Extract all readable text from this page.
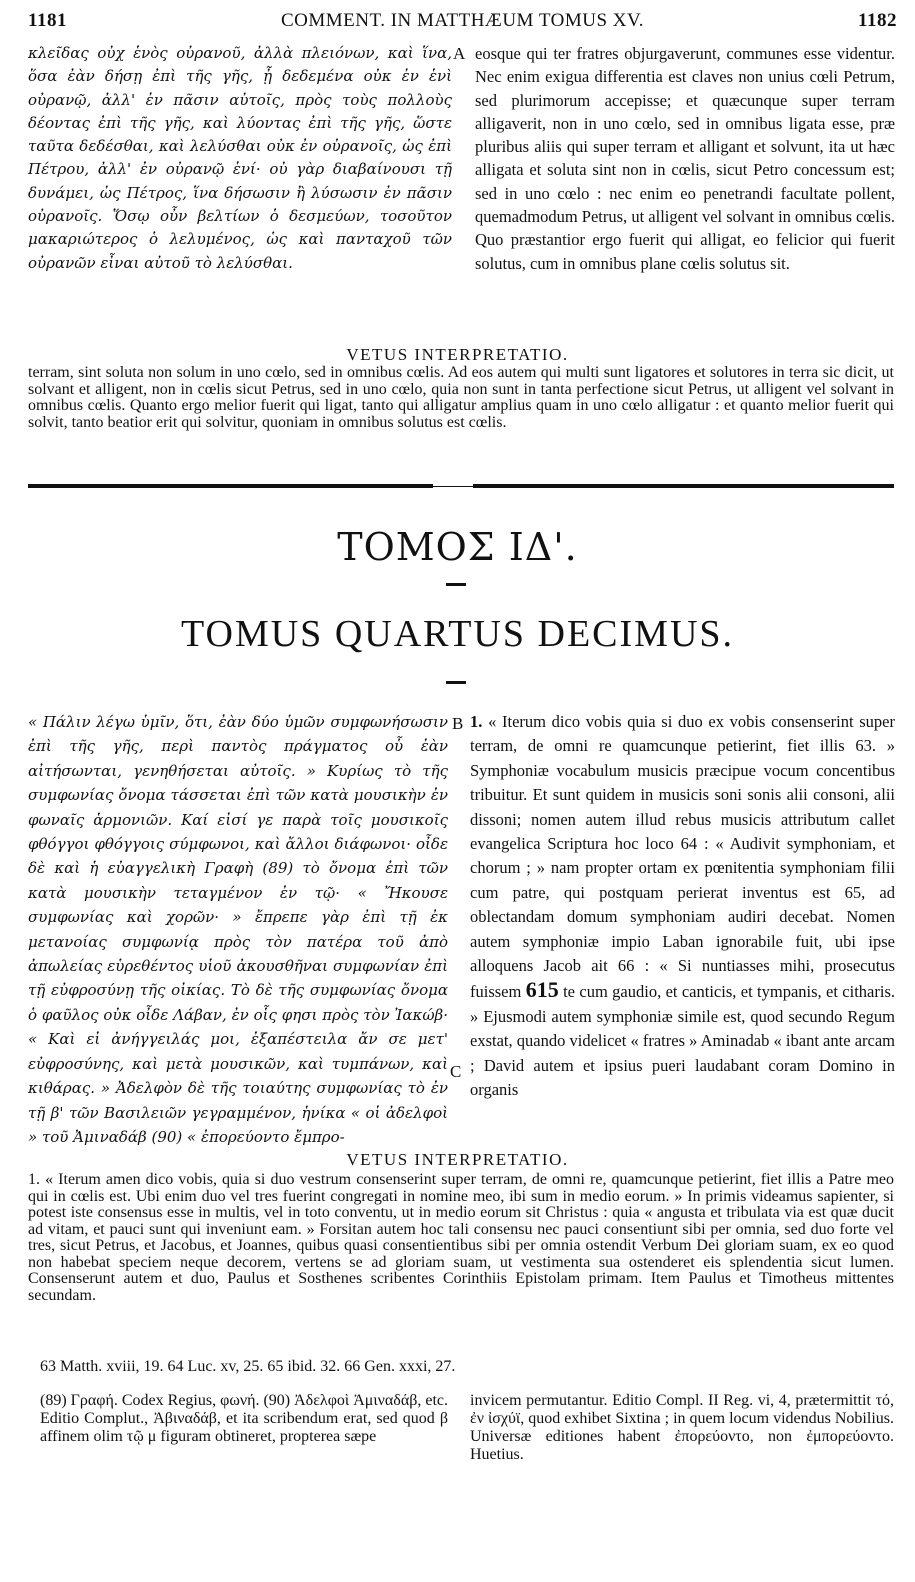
1181	COMMENT. IN MATTHÆUM TOMUS XV.	1182

κλεῖδας οὐχ ἑνὸς οὐρανοῦ, ἀλλὰ πλειόνων, καὶ ἵνα, ὅσα ἐὰν δήσῃ ἐπὶ τῆς γῆς, ᾖ δεδεμένα οὐκ ἐν ἑνὶ οὐρανῷ, ἀλλ' ἐν πᾶσιν αὐτοῖς, πρὸς τοὺς πολλοὺς δέοντας ἐπὶ τῆς γῆς, καὶ λύοντας ἐπὶ τῆς γῆς, ὥστε ταῦτα δεδέσθαι, καὶ λελύσθαι οὐκ ἐν οὐρανοῖς, ὡς ἐπὶ Πέτρου, ἀλλ' ἐν οὐρανῷ ἑνί· οὐ γὰρ διαβαίνουσι τῇ δυνάμει, ὡς Πέτρος, ἵνα δήσωσιν ἢ λύσωσιν ἐν πᾶσιν οὐρανοῖς. Ὅσῳ οὖν βελτίων ὁ δεσμεύων, τοσοῦτον μακαριώτερος ὁ λελυμένος, ὡς καὶ πανταχοῦ τῶν οὐρανῶν εἶναι αὐτοῦ τὸ λελύσθαι.

A eosque qui ter fratres objurgaverunt, communes esse videntur. Nec enim exigua differentia est claves non unius cœli Petrum, sed plurimorum accepisse; et quæcunque super terram alligaverit, non in uno cœlo, sed in omnibus ligata esse, præ pluribus aliis qui super terram et alligant et solvunt, ita ut hæc alligata et soluta sint non in cœlis, sicut Petro concessum est; sed in uno cœlo : nec enim eo penetrandi facultate pollent, quemadmodum Petrus, ut alligent vel solvant in omnibus cœlis. Quo præstantior ergo fuerit qui alligat, eo felicior qui fuerit solutus, cum in omnibus plane cœlis solutus sit.

VETUS INTERPRETATIO.

terram, sint soluta non solum in uno cœlo, sed in omnibus cœlis. Ad eos autem qui multi sunt ligatores et solutores in terra sic dicit, ut solvant et alligent, non in cœlis sicut Petrus, sed in uno cœlo, quia non sunt in tanta perfectione sicut Petrus, ut alligent vel solvant in omnibus cœlis. Quanto ergo melior fuerit qui ligat, tanto qui alligatur amplius quam in uno cœlo alligatur : et quanto melior fuerit qui solvit, tanto beatior erit qui solvitur, quoniam in omnibus solutus est cœlis.

ΤΟΜΟΣ ΙΔ'.
TOMUS QUARTUS DECIMUS.

« Πάλιν λέγω ὑμῖν, ὅτι, ἐὰν δύο ὑμῶν συμφωνήσωσιν ἐπὶ τῆς γῆς, περὶ παντὸς πράγματος οὗ ἐὰν αἰτήσωνται, γενηθήσεται αὐτοῖς. » Κυρίως τὸ τῆς συμφωνίας ὄνομα τάσσεται ἐπὶ τῶν κατὰ μουσικὴν ἐν φωναῖς ἁρμονιῶν. Καί εἰσί γε παρὰ τοῖς μουσικοῖς φθόγγοι φθόγγοις σύμφωνοι, καὶ ἄλλοι διάφωνοι· οἶδε δὲ καὶ ἡ εὐαγγελικὴ Γραφὴ (89) τὸ ὄνομα ἐπὶ τῶν κατὰ μουσικὴν τεταγμένον ἐν τῷ· « Ἤκουσε συμφωνίας καὶ χορῶν· » ἔπρεπε γὰρ ἐπὶ τῇ ἐκ μετανοίας συμφωνίᾳ πρὸς τὸν πατέρα τοῦ ἀπὸ ἀπωλείας εὑρεθέντος υἱοῦ ἀκουσθῆναι συμφωνίαν ἐπὶ τῇ εὐφροσύνῃ τῆς οἰκίας. Τὸ δὲ τῆς συμφωνίας ὄνομα ὁ φαῦλος οὐκ οἶδε Λάβαν, ἐν οἷς φησι πρὸς τὸν Ἰακώβ· « Καὶ εἰ ἀνήγγειλάς μοι, ἐξαπέστειλα ἄν σε μετ' εὐφροσύνης, καὶ μετὰ μουσικῶν, καὶ τυμπάνων, καὶ κιθάρας. » Ἀδελφὸν δὲ τῆς τοιαύτης συμφωνίας τὸ ἐν τῇ β' τῶν Βασιλειῶν γεγραμμένον, ἡνίκα « οἱ ἀδελφοὶ » τοῦ Ἀμιναδάβ (90) « ἐπορεύοντο ἔμπρο-

B
C

1. « Iterum dico vobis quia si duo ex vobis consenserint super terram, de omni re quamcunque petierint, fiet illis 63. » Symphoniæ vocabulum musicis præcipue vocum concentibus tribuitur. Et sunt quidem in musicis soni sonis alii consoni, alii dissoni; nomen autem illud rebus musicis attributum callet evangelica Scriptura hoc loco 64 : « Audivit symphoniam, et chorum ; » nam propter ortam ex pœnitentia symphoniam filii cum patre, qui postquam perierat inventus est 65, ad oblectandam domum symphoniam audiri decebat. Nomen autem symphoniæ impio Laban ignorabile fuit, ubi ipse alloquens Jacob ait 66 : « Si nuntiasses mihi, prosecutus fuissem 615 te cum gaudio, et canticis, et tympanis, et citharis. » Ejusmodi autem symphoniæ simile est, quod secundo Regum exstat, quando videlicet « fratres » Aminadab « ibant ante arcam ; David autem et ipsius pueri laudabant coram Domino in organis

VETUS INTERPRETATIO.

1. « Iterum amen dico vobis, quia si duo vestrum consenserint super terram, de omni re, quamcunque petierint, fiet illis a Patre meo qui in cœlis est. Ubi enim duo vel tres fuerint congregati in nomine meo, ibi sum in medio eorum. » In primis videamus sapienter, si potest iste consensus esse in multis, vel in toto conventu, ut in medio eorum sit Christus : quia « angusta et tribulata via est quæ ducit ad vitam, et pauci sunt qui inveniunt eam. » Forsitan autem hoc tali consensu nec pauci consentiunt sibi per omnia, sed duo forte vel tres, sicut Petrus, et Jacobus, et Joannes, quibus quasi consentientibus sibi per omnia ostendit Verbum Dei gloriam suam, ex eo quod non habebat speciem neque decorem, vertens se ad gloriam suam, ut vestimenta sua ostenderet eis splendentia sicut lumen. Consenserunt autem et duo, Paulus et Sosthenes scribentes Corinthiis Epistolam primam. Item Paulus et Timotheus mittentes secundam.

63 Matth. xviii, 19. 64 Luc. xv, 25. 65 ibid. 32. 66 Gen. xxxi, 27.

(89) Γραφή. Codex Regius, φωνή. (90) Ἀδελφοὶ Ἀμιναδάβ, etc. Editio Complut., Ἀβιναδάβ, et ita scribendum erat, sed quod β affinem olim τῷ μ figuram obtineret, propterea sæpe

invicem permutantur. Editio Compl. II Reg. vi, 4, prætermittit τό, ἐν ἰσχύϊ, quod exhibet Sixtina ; in quem locum videndus Nobilius. Universæ editiones habent ἐπορεύοντο, non ἐμπορεύοντο. Huetius.
